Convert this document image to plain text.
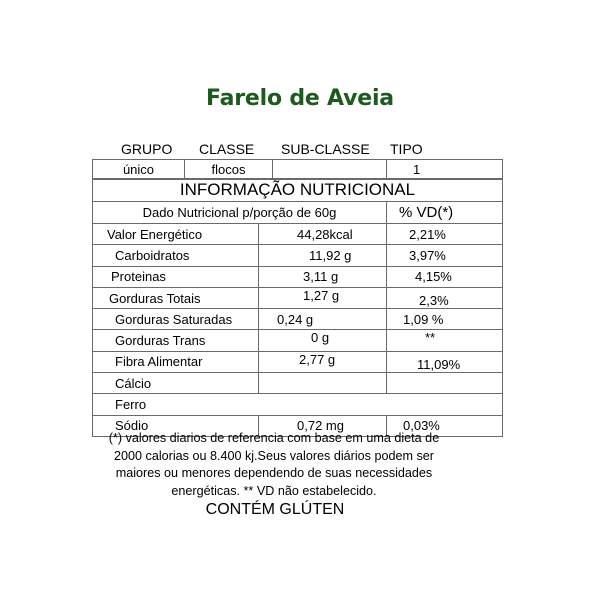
Farelo de Aveia
GRUPO CLASSE SUB-CLASSE TIPO
único	flocos		1
INFORMAÇÃO NUTRICIONAL		
Dado Nutricional p/porção de 60g		% VD(*)
Valor Energético	44,28kcal	2,21%
Carboidratos	11,92 g	3,97%
Proteinas	3,11 g	4,15%
Gorduras Totais	1,27 g	2,3%
Gorduras Saturadas	0,24 g	1,09 %
Gorduras Trans	0 g	**
Fibra Alimentar	2,77 g	11,09%
Cálcio		
Ferro		
Sódio	0,72 mg	0,03%
(*) valores diarios de referencia com base em uma dieta de
2000 calorias ou 8.400 kj.Seus valores diários podem ser
maiores ou menores dependendo de suas necessidades
energéticas. ** VD não estabelecido.
CONTÉM GLÚTEN
